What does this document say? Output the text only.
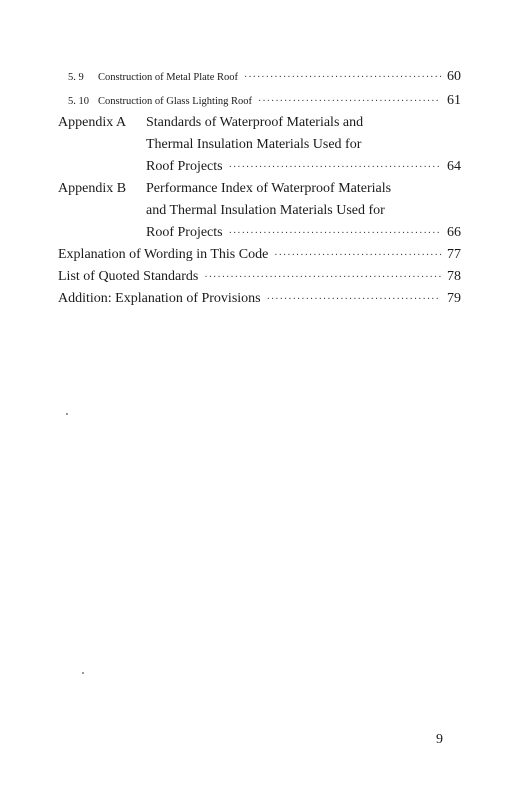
5. 9	Construction of Metal Plate Roof ·····	60
5. 10 Construction of Glass Lighting Roof ·····	61
Appendix A	Standards of Waterproof Materials and
Thermal Insulation Materials Used for
Roof Projects ·····	64
Appendix B	Performance Index of Waterproof Materials
and Thermal Insulation Materials Used for
Roof Projects ·····	66
Explanation of Wording in This Code ·····	77
List of Quoted Standards ·····	78
Addition: Explanation of Provisions ·····	79
9
